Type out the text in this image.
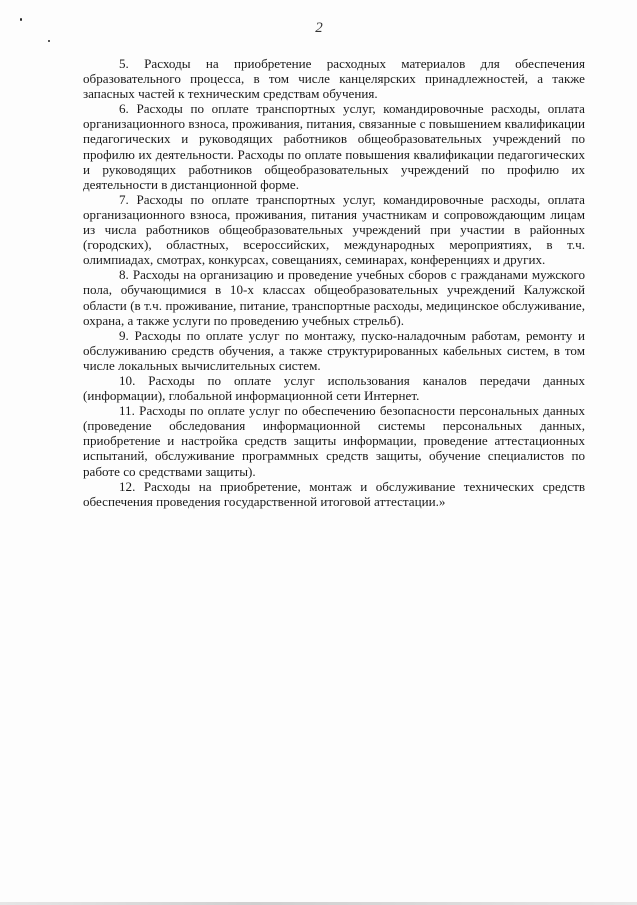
2

5. Расходы на приобретение расходных материалов для обеспечения образовательного процесса, в том числе канцелярских принадлежностей, а также запасных частей к техническим средствам обучения.

6. Расходы по оплате транспортных услуг, командировочные расходы, оплата организационного взноса, проживания, питания, связанные с повышением квалификации педагогических и руководящих работников общеобразовательных учреждений по профилю их деятельности. Расходы по оплате повышения квалификации педагогических и руководящих работников общеобразовательных учреждений по профилю их деятельности в дистанционной форме.

7. Расходы по оплате транспортных услуг, командировочные расходы, оплата организационного взноса, проживания, питания участникам и сопровождающим лицам из числа работников общеобразовательных учреждений при участии в районных (городских), областных, всероссийских, международных мероприятиях, в т.ч. олимпиадах, смотрах, конкурсах, совещаниях, семинарах, конференциях и других.

8. Расходы на организацию и проведение учебных сборов с гражданами мужского пола, обучающимися в 10-х классах общеобразовательных учреждений Калужской области (в т.ч. проживание, питание, транспортные расходы, медицинское обслуживание, охрана, а также услуги по проведению учебных стрельб).

9. Расходы по оплате услуг по монтажу, пуско-наладочным работам, ремонту и обслуживанию средств обучения, а также структурированных кабельных систем, в том числе локальных вычислительных систем.

10. Расходы по оплате услуг использования каналов передачи данных (информации), глобальной информационной сети Интернет.

11. Расходы по оплате услуг по обеспечению безопасности персональных данных (проведение обследования информационной системы персональных данных, приобретение и настройка средств защиты информации, проведение аттестационных испытаний, обслуживание программных средств защиты, обучение специалистов по работе со средствами защиты).

12. Расходы на приобретение, монтаж и обслуживание технических средств обеспечения проведения государственной итоговой аттестации.»
